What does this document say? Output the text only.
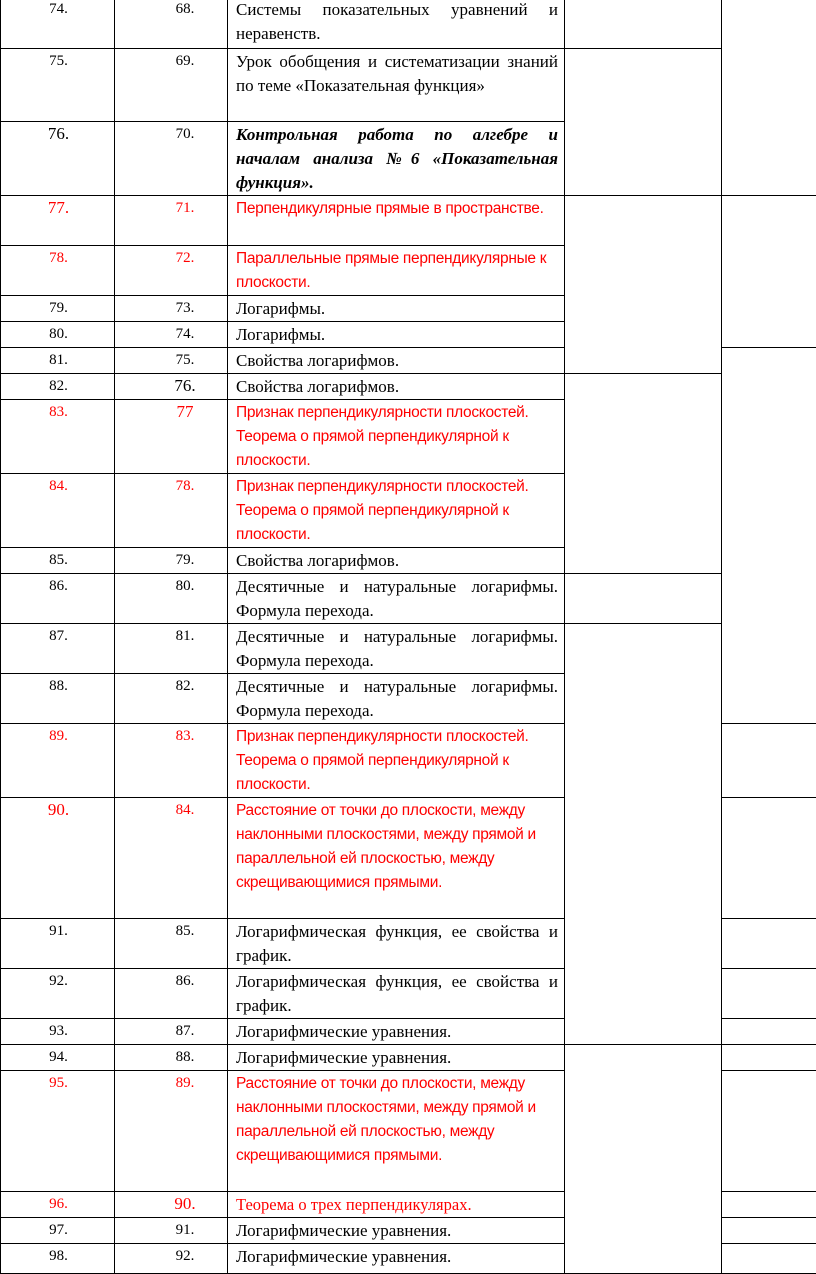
74.	68.	Системы показательных уравнений и неравенств.			

75.	69.	Урок обобщения и систематизации знаний по теме «Показательная функция»			

76.	70.	Контрольная работа по алгебре и началам анализа №6 «Показательная функция».			

77.	71.	Перпендикулярные прямые в пространстве.			

78.	72.	Параллельные прямые перпендикулярные к плоскости.			

79.	73.	Логарифмы.			

80.	74.	Логарифмы.			

81.	75.	Свойства логарифмов.			

82.	76.	Свойства логарифмов.			

83.	77	Признак перпендикулярности плоскостей. Теорема о прямой перпендикулярной к плоскости.			

84.	78.	Признак перпендикулярности плоскостей. Теорема о прямой перпендикулярной к плоскости.			

85.	79.	Свойства логарифмов.			

86.	80.	Десятичные и натуральные логарифмы. Формула перехода.			

87.	81.	Десятичные и натуральные логарифмы. Формула перехода.			

88.	82.	Десятичные и натуральные логарифмы. Формула перехода.			

89.	83.	Признак перпендикулярности плоскостей. Теорема о прямой перпендикулярной к плоскости.			

90.	84.	Расстояние от точки до плоскости, между наклонными плоскостями, между прямой и параллельной ей плоскостью, между скрещивающимися прямыми.			

91.	85.	Логарифмическая функция, ее свойства и график.			

92.	86.	Логарифмическая функция, ее свойства и график.			

93.	87.	Логарифмические уравнения.			

94.	88.	Логарифмические уравнения.			

95.	89.	Расстояние от точки до плоскости, между наклонными плоскостями, между прямой и параллельной ей плоскостью, между скрещивающимися прямыми.			

96.	90.	Теорема о трех перпендикулярах.			

97.	91.	Логарифмические уравнения.			

98.	92.	Логарифмические уравнения.			
